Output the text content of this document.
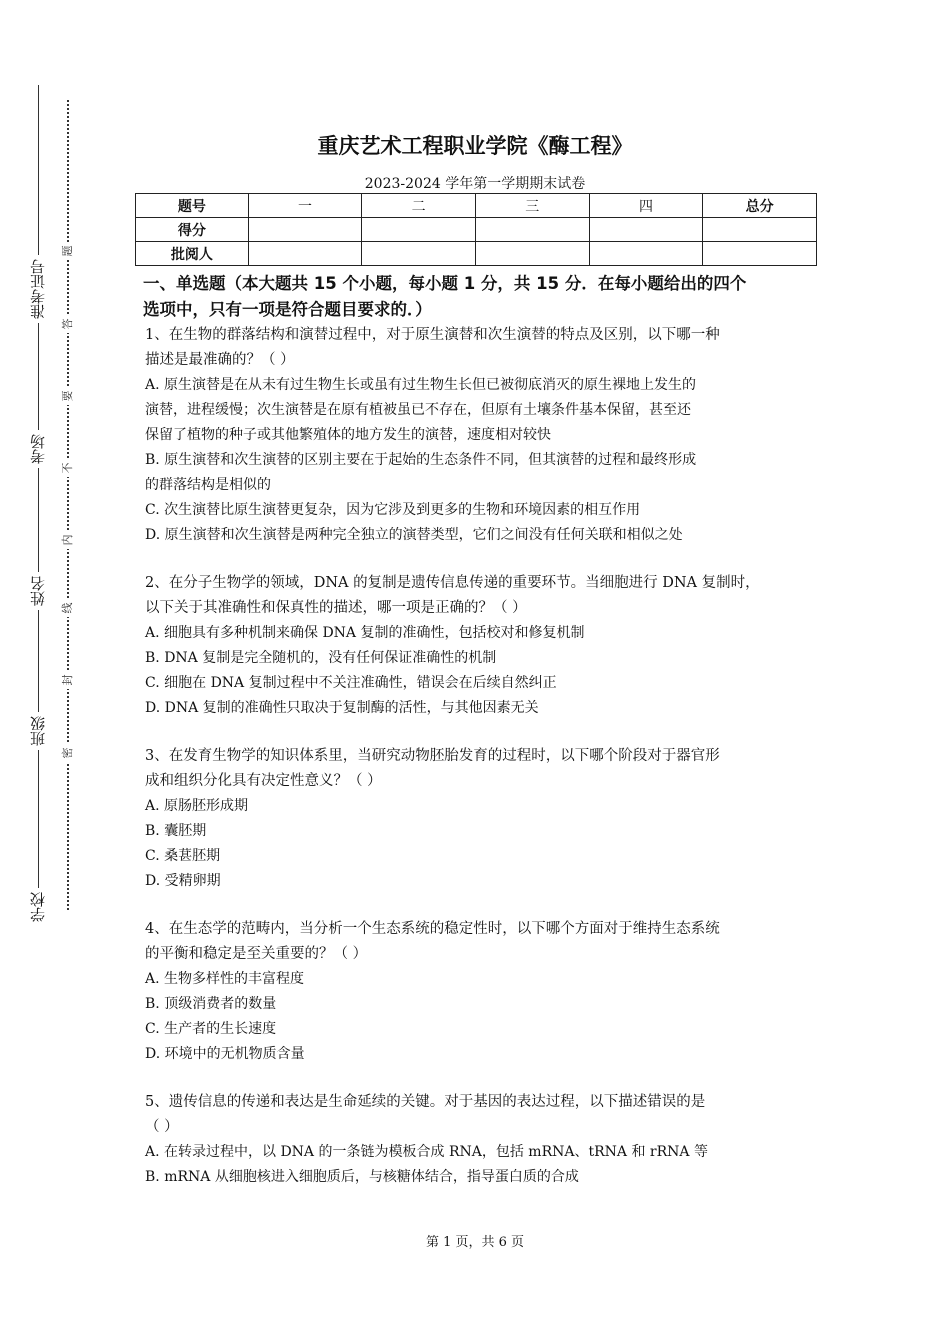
准考证号
考场
姓名
班级
学校
题
答
要
不
内
线
封
密
重庆艺术工程职业学院《酶工程》
2023-2024 学年第一学期期末试卷
题号	一	二	三	四	总分
得分					
批阅人					
一、单选题（本大题共 15 个小题，每小题 1 分，共 15 分．在每小题给出的四个
选项中，只有一项是符合题目要求的．）
1、在生物的群落结构和演替过程中，对于原生演替和次生演替的特点及区别，以下哪一种
描述是最准确的？（ ）
A. 原生演替是在从未有过生物生长或虽有过生物生长但已被彻底消灭的原生裸地上发生的
演替，进程缓慢；次生演替是在原有植被虽已不存在，但原有土壤条件基本保留，甚至还
保留了植物的种子或其他繁殖体的地方发生的演替，速度相对较快
B. 原生演替和次生演替的区别主要在于起始的生态条件不同，但其演替的过程和最终形成
的群落结构是相似的
C. 次生演替比原生演替更复杂，因为它涉及到更多的生物和环境因素的相互作用
D. 原生演替和次生演替是两种完全独立的演替类型，它们之间没有任何关联和相似之处
2、在分子生物学的领域，DNA 的复制是遗传信息传递的重要环节。当细胞进行 DNA 复制时，
以下关于其准确性和保真性的描述，哪一项是正确的？（ ）
A. 细胞具有多种机制来确保 DNA 复制的准确性，包括校对和修复机制
B. DNA 复制是完全随机的，没有任何保证准确性的机制
C. 细胞在 DNA 复制过程中不关注准确性，错误会在后续自然纠正
D. DNA 复制的准确性只取决于复制酶的活性，与其他因素无关
3、在发育生物学的知识体系里，当研究动物胚胎发育的过程时，以下哪个阶段对于器官形
成和组织分化具有决定性意义？（ ）
A. 原肠胚形成期
B. 囊胚期
C. 桑葚胚期
D. 受精卵期
4、在生态学的范畴内，当分析一个生态系统的稳定性时，以下哪个方面对于维持生态系统
的平衡和稳定是至关重要的？（ ）
A. 生物多样性的丰富程度
B. 顶级消费者的数量
C. 生产者的生长速度
D. 环境中的无机物质含量
5、遗传信息的传递和表达是生命延续的关键。对于基因的表达过程，以下描述错误的是
（ ）
A. 在转录过程中，以 DNA 的一条链为模板合成 RNA，包括 mRNA、tRNA 和 rRNA 等
B. mRNA 从细胞核进入细胞质后，与核糖体结合，指导蛋白质的合成
第 1 页，共 6 页
